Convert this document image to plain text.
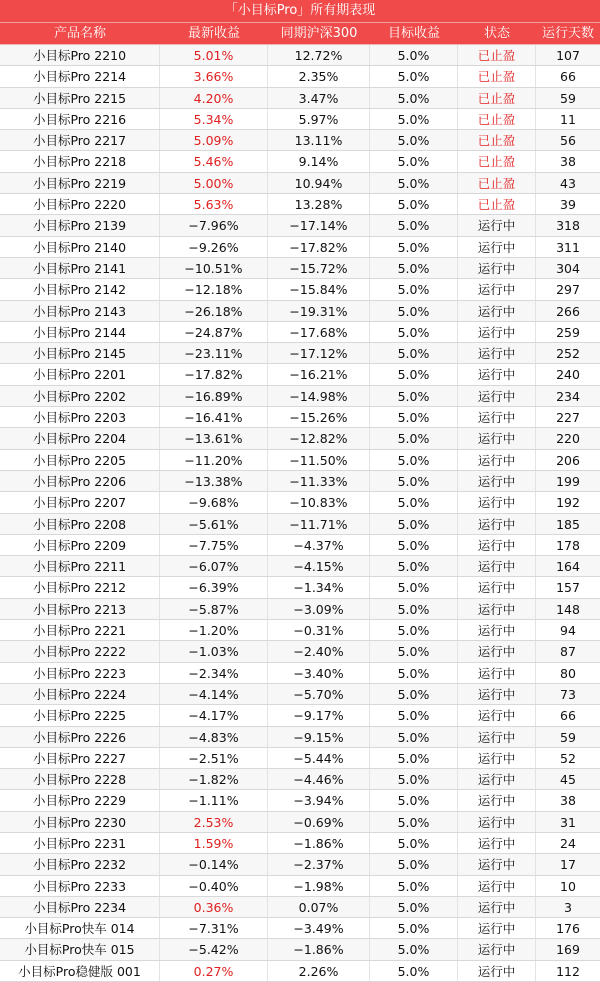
「小目标Pro」所有期表现
产品名称	最新收益	同期沪深300	目标收益	状态	运行天数
小目标Pro 2210	5.01%	12.72%	5.0%	已止盈	107
小目标Pro 2214	3.66%	2.35%	5.0%	已止盈	66
小目标Pro 2215	4.20%	3.47%	5.0%	已止盈	59
小目标Pro 2216	5.34%	5.97%	5.0%	已止盈	11
小目标Pro 2217	5.09%	13.11%	5.0%	已止盈	56
小目标Pro 2218	5.46%	9.14%	5.0%	已止盈	38
小目标Pro 2219	5.00%	10.94%	5.0%	已止盈	43
小目标Pro 2220	5.63%	13.28%	5.0%	已止盈	39
小目标Pro 2139	−7.96%	−17.14%	5.0%	运行中	318
小目标Pro 2140	−9.26%	−17.82%	5.0%	运行中	311
小目标Pro 2141	−10.51%	−15.72%	5.0%	运行中	304
小目标Pro 2142	−12.18%	−15.84%	5.0%	运行中	297
小目标Pro 2143	−26.18%	−19.31%	5.0%	运行中	266
小目标Pro 2144	−24.87%	−17.68%	5.0%	运行中	259
小目标Pro 2145	−23.11%	−17.12%	5.0%	运行中	252
小目标Pro 2201	−17.82%	−16.21%	5.0%	运行中	240
小目标Pro 2202	−16.89%	−14.98%	5.0%	运行中	234
小目标Pro 2203	−16.41%	−15.26%	5.0%	运行中	227
小目标Pro 2204	−13.61%	−12.82%	5.0%	运行中	220
小目标Pro 2205	−11.20%	−11.50%	5.0%	运行中	206
小目标Pro 2206	−13.38%	−11.33%	5.0%	运行中	199
小目标Pro 2207	−9.68%	−10.83%	5.0%	运行中	192
小目标Pro 2208	−5.61%	−11.71%	5.0%	运行中	185
小目标Pro 2209	−7.75%	−4.37%	5.0%	运行中	178
小目标Pro 2211	−6.07%	−4.15%	5.0%	运行中	164
小目标Pro 2212	−6.39%	−1.34%	5.0%	运行中	157
小目标Pro 2213	−5.87%	−3.09%	5.0%	运行中	148
小目标Pro 2221	−1.20%	−0.31%	5.0%	运行中	94
小目标Pro 2222	−1.03%	−2.40%	5.0%	运行中	87
小目标Pro 2223	−2.34%	−3.40%	5.0%	运行中	80
小目标Pro 2224	−4.14%	−5.70%	5.0%	运行中	73
小目标Pro 2225	−4.17%	−9.17%	5.0%	运行中	66
小目标Pro 2226	−4.83%	−9.15%	5.0%	运行中	59
小目标Pro 2227	−2.51%	−5.44%	5.0%	运行中	52
小目标Pro 2228	−1.82%	−4.46%	5.0%	运行中	45
小目标Pro 2229	−1.11%	−3.94%	5.0%	运行中	38
小目标Pro 2230	2.53%	−0.69%	5.0%	运行中	31
小目标Pro 2231	1.59%	−1.86%	5.0%	运行中	24
小目标Pro 2232	−0.14%	−2.37%	5.0%	运行中	17
小目标Pro 2233	−0.40%	−1.98%	5.0%	运行中	10
小目标Pro 2234	0.36%	0.07%	5.0%	运行中	3
小目标Pro快车 014	−7.31%	−3.49%	5.0%	运行中	176
小目标Pro快车 015	−5.42%	−1.86%	5.0%	运行中	169
小目标Pro稳健版 001	0.27%	2.26%	5.0%	运行中	112
